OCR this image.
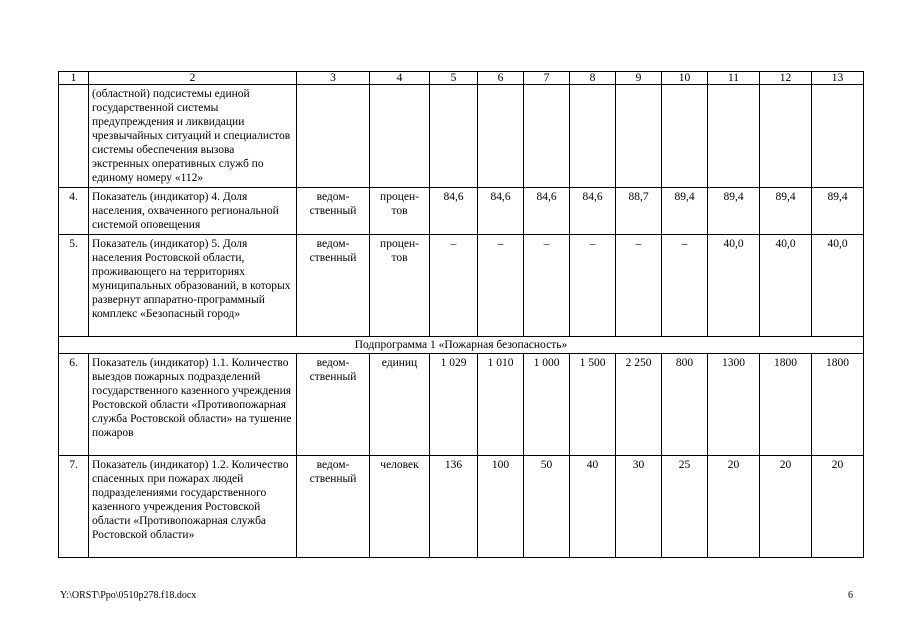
1	2	3	4	5	6	7	8	9	10	11	12	13
	(областной) подсистемы единой государственной системы предупреждения и ликвидации чрезвычайных ситуаций и специалистов системы обеспечения вызова экстренных оперативных служб по единому номеру «112»											
4.	Показатель (индикатор) 4. Доля населения, охваченного региональной системой оповещения	ведом-ственный	процен-тов	84,6	84,6	84,6	84,6	88,7	89,4	89,4	89,4	89,4
5.	Показатель (индикатор) 5. Доля населения Ростовской области, проживающего на территориях муниципальных образований, в которых развернут аппаратно-программный комплекс «Безопасный город»	ведом-ственный	процен-тов	–	–	–	–	–	–	40,0	40,0	40,0
Подпрограмма 1 «Пожарная безопасность»												
6.	Показатель (индикатор) 1.1. Количество выездов пожарных подразделений государственного казенного учреждения Ростовской области «Противопожарная служба Ростовской области» на тушение пожаров	ведом-ственный	единиц	1 029	1 010	1 000	1 500	2 250	800	1300	1800	1800
7.	Показатель (индикатор) 1.2. Количество спасенных при пожарах людей подразделениями государственного казенного учреждения Ростовской области «Противопожарная служба Ростовской области»	ведом-ственный	человек	136	100	50	40	30	25	20	20	20
Y:\ORST\Ppo\0510p278.f18.docx	6
